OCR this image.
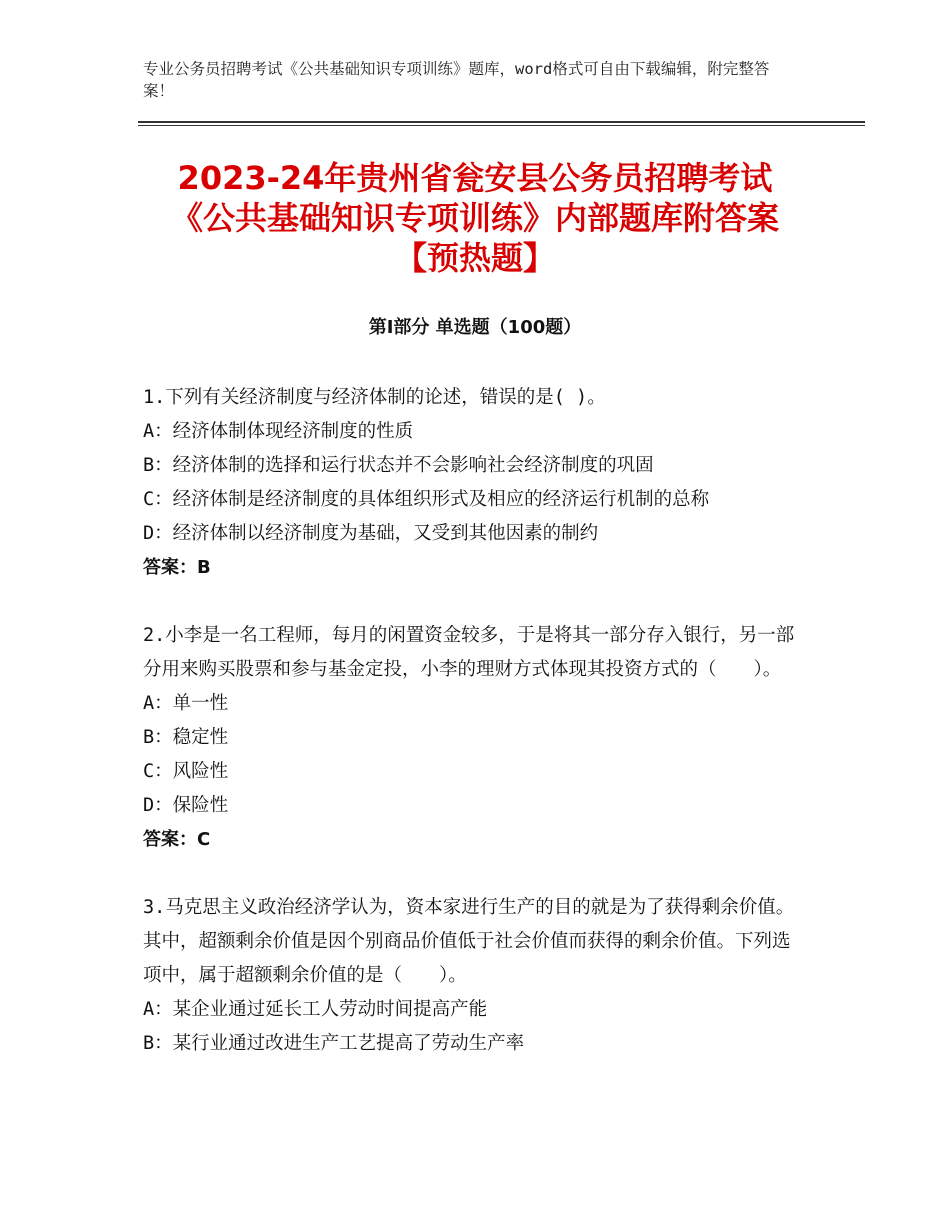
专业公务员招聘考试《公共基础知识专项训练》题库，word格式可自由下载编辑，附完整答案！
2023-24年贵州省瓮安县公务员招聘考试
《公共基础知识专项训练》内部题库附答案
【预热题】
第Ⅰ部分 单选题（100题）
1.下列有关经济制度与经济体制的论述，错误的是( )。
A：经济体制体现经济制度的性质
B：经济体制的选择和运行状态并不会影响社会经济制度的巩固
C：经济体制是经济制度的具体组织形式及相应的经济运行机制的总称
D：经济体制以经济制度为基础，又受到其他因素的制约
答案：B
2.小李是一名工程师，每月的闲置资金较多，于是将其一部分存入银行，另一部分用来购买股票和参与基金定投，小李的理财方式体现其投资方式的（　　）。
A：单一性
B：稳定性
C：风险性
D：保险性
答案：C
3.马克思主义政治经济学认为，资本家进行生产的目的就是为了获得剩余价值。其中，超额剩余价值是因个别商品价值低于社会价值而获得的剩余价值。下列选项中，属于超额剩余价值的是（　　）。
A：某企业通过延长工人劳动时间提高产能
B：某行业通过改进生产工艺提高了劳动生产率
